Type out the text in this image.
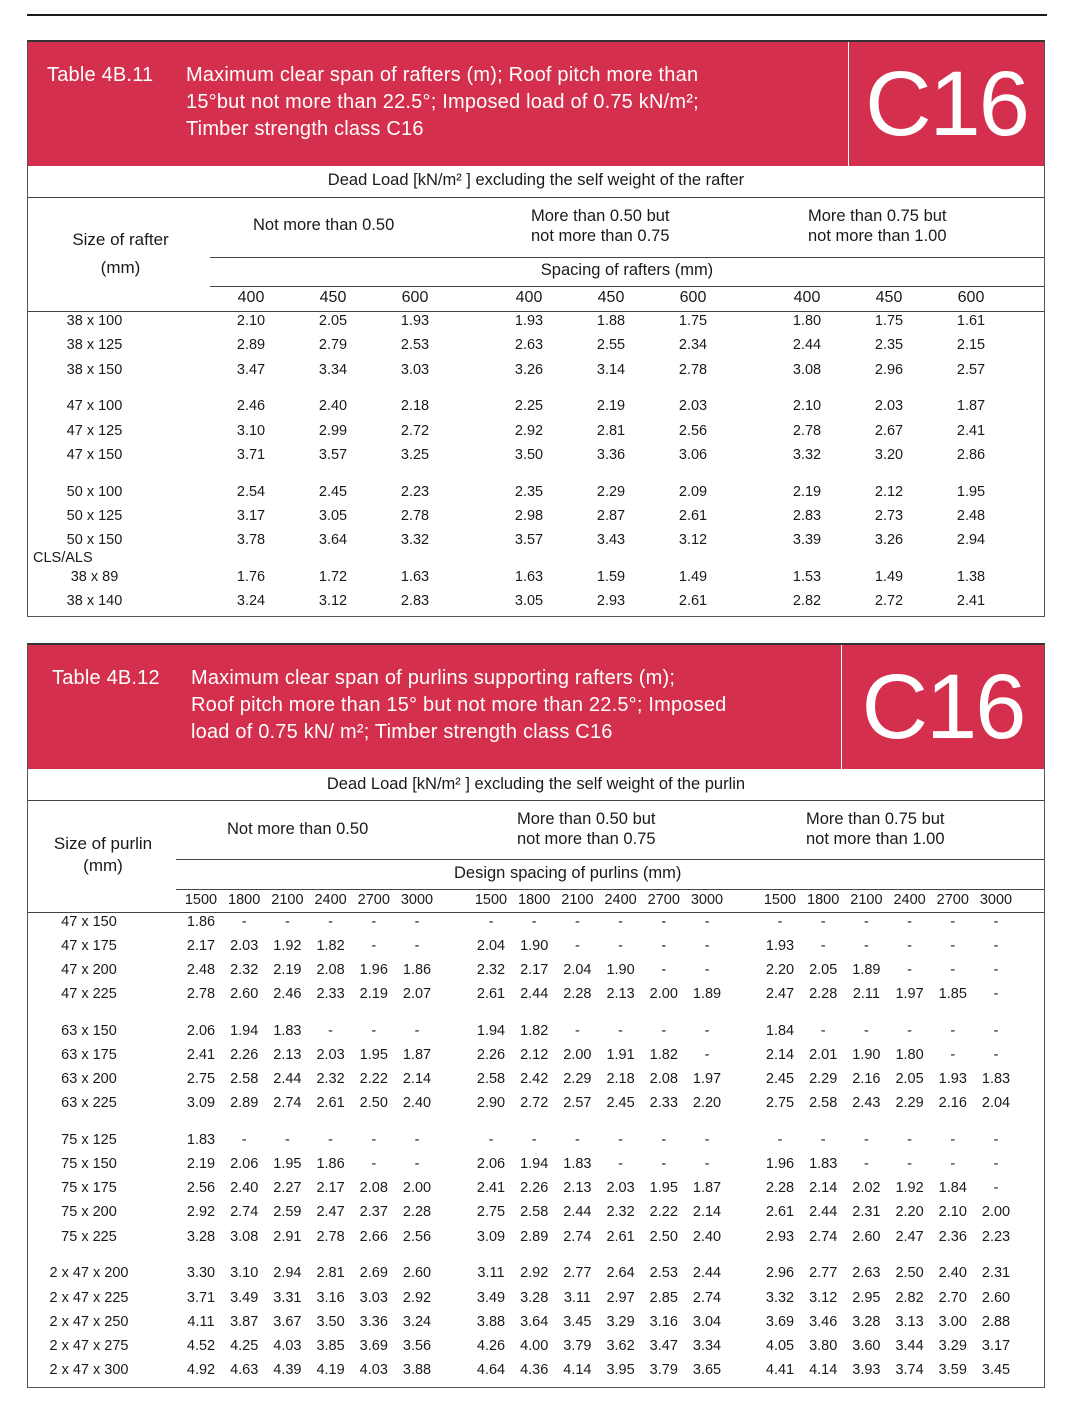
Table 4B.11 Maximum clear span of rafters (m); Roof pitch more than
15°but not more than 22.5°; Imposed load of 0.75 kN/m²;
Timber strength class C16	C16
Dead Load [kN/m² ] excluding the self weight of the rafter
Size of rafter
(mm)
Not more than 0.50	More than 0.50 but
not more than 0.75
More than 0.75 but
not more than 1.00
Spacing of rafters (mm)
CLS/ALS
400	450	600	400	450	600	400	450	600
38 x 100	2.10	2.05	1.93	1.93	1.88	1.75	1.80	1.75	1.61
38 x 125	2.89	2.79	2.53	2.63	2.55	2.34	2.44	2.35	2.15
38 x 150	3.47	3.34	3.03	3.26	3.14	2.78	3.08	2.96	2.57
47 x 100	2.46	2.40	2.18	2.25	2.19	2.03	2.10	2.03	1.87
47 x 125	3.10	2.99	2.72	2.92	2.81	2.56	2.78	2.67	2.41
47 x 150	3.71	3.57	3.25	3.50	3.36	3.06	3.32	3.20	2.86
50 x 100	2.54	2.45	2.23	2.35	2.29	2.09	2.19	2.12	1.95
50 x 125	3.17	3.05	2.78	2.98	2.87	2.61	2.83	2.73	2.48
50 x 150	3.78	3.64	3.32	3.57	3.43	3.12	3.39	3.26	2.94
38 x 89	1.76	1.72	1.63	1.63	1.59	1.49	1.53	1.49	1.38
38 x 140	3.24	3.12	2.83	3.05	2.93	2.61	2.82	2.72	2.41
Table 4B.12 Maximum clear span of purlins supporting rafters (m);
Roof pitch more than 15° but not more than 22.5°; Imposed
load of 0.75 kN/ m²; Timber strength class C16	C16
Dead Load [kN/m² ] excluding the self weight of the purlin
Size of purlin
(mm)
Not more than 0.50
More than 0.50 but
not more than 0.75
More than 0.75 but
not more than 1.00
Design spacing of purlins (mm)
1500 1800 2100 2400 2700 3000	1500 1800 2100 2400 2700 3000	1500 1800 2100 2400 2700 3000
47 x 150	1.86	-	-	-	-	-	-	-	-	-	-	-	-	-	-	-	-	-
47 x 175	2.17	2.03	1.92	1.82	-	-	2.04	1.90	-	-	-	-	1.93	-	-	-	-	-
47 x 200	2.48	2.32	2.19	2.08	1.96	1.86	2.32	2.17	2.04	1.90	-	-	2.20	2.05	1.89	-	-	-
47 x 225	2.78	2.60	2.46	2.33	2.19	2.07	2.61	2.44	2.28	2.13	2.00	1.89	2.47	2.28	2.11	1.97	1.85	-
63 x 150	2.06	1.94	1.83	-	-	-	1.94	1.82	-	-	-	-	1.84	-	-	-	-	-
63 x 175	2.41	2.26	2.13	2.03	1.95	1.87	2.26	2.12	2.00	1.91	1.82	-	2.14	2.01	1.90	1.80	-	-
63 x 200	2.75	2.58	2.44	2.32	2.22	2.14	2.58	2.42	2.29	2.18	2.08	1.97	2.45	2.29	2.16	2.05	1.93	1.83
63 x 225	3.09	2.89	2.74	2.61	2.50	2.40	2.90	2.72	2.57	2.45	2.33	2.20	2.75	2.58	2.43	2.29	2.16	2.04
75 x 125	1.83	-	-	-	-	-	-	-	-	-	-	-	-	-	-	-	-	-
75 x 150	2.19	2.06	1.95	1.86	-	-	2.06	1.94	1.83	-	-	-	1.96	1.83	-	-	-	-
75 x 175	2.56	2.40	2.27	2.17	2.08	2.00	2.41	2.26	2.13	2.03	1.95	1.87	2.28	2.14	2.02	1.92	1.84	-
75 x 200	2.92	2.74	2.59	2.47	2.37	2.28	2.75	2.58	2.44	2.32	2.22	2.14	2.61	2.44	2.31	2.20	2.10	2.00
75 x 225	3.28	3.08	2.91	2.78	2.66	2.56	3.09	2.89	2.74	2.61	2.50	2.40	2.93	2.74	2.60	2.47	2.36	2.23
2 x 47 x 200	3.30	3.10	2.94	2.81	2.69	2.60	3.11	2.92	2.77	2.64	2.53	2.44	2.96	2.77	2.63	2.50	2.40	2.31
2 x 47 x 225	3.71	3.49	3.31	3.16	3.03	2.92	3.49	3.28	3.11	2.97	2.85	2.74	3.32	3.12	2.95	2.82	2.70	2.60
2 x 47 x 250	4.11	3.87	3.67	3.50	3.36	3.24	3.88	3.64	3.45	3.29	3.16	3.04	3.69	3.46	3.28	3.13	3.00	2.88
2 x 47 x 275	4.52	4.25	4.03	3.85	3.69	3.56	4.26	4.00	3.79	3.62	3.47	3.34	4.05	3.80	3.60	3.44	3.29	3.17
2 x 47 x 300	4.92	4.63	4.39	4.19	4.03	3.88	4.64	4.36	4.14	3.95	3.79	3.65	4.41	4.14	3.93	3.74	3.59	3.45
